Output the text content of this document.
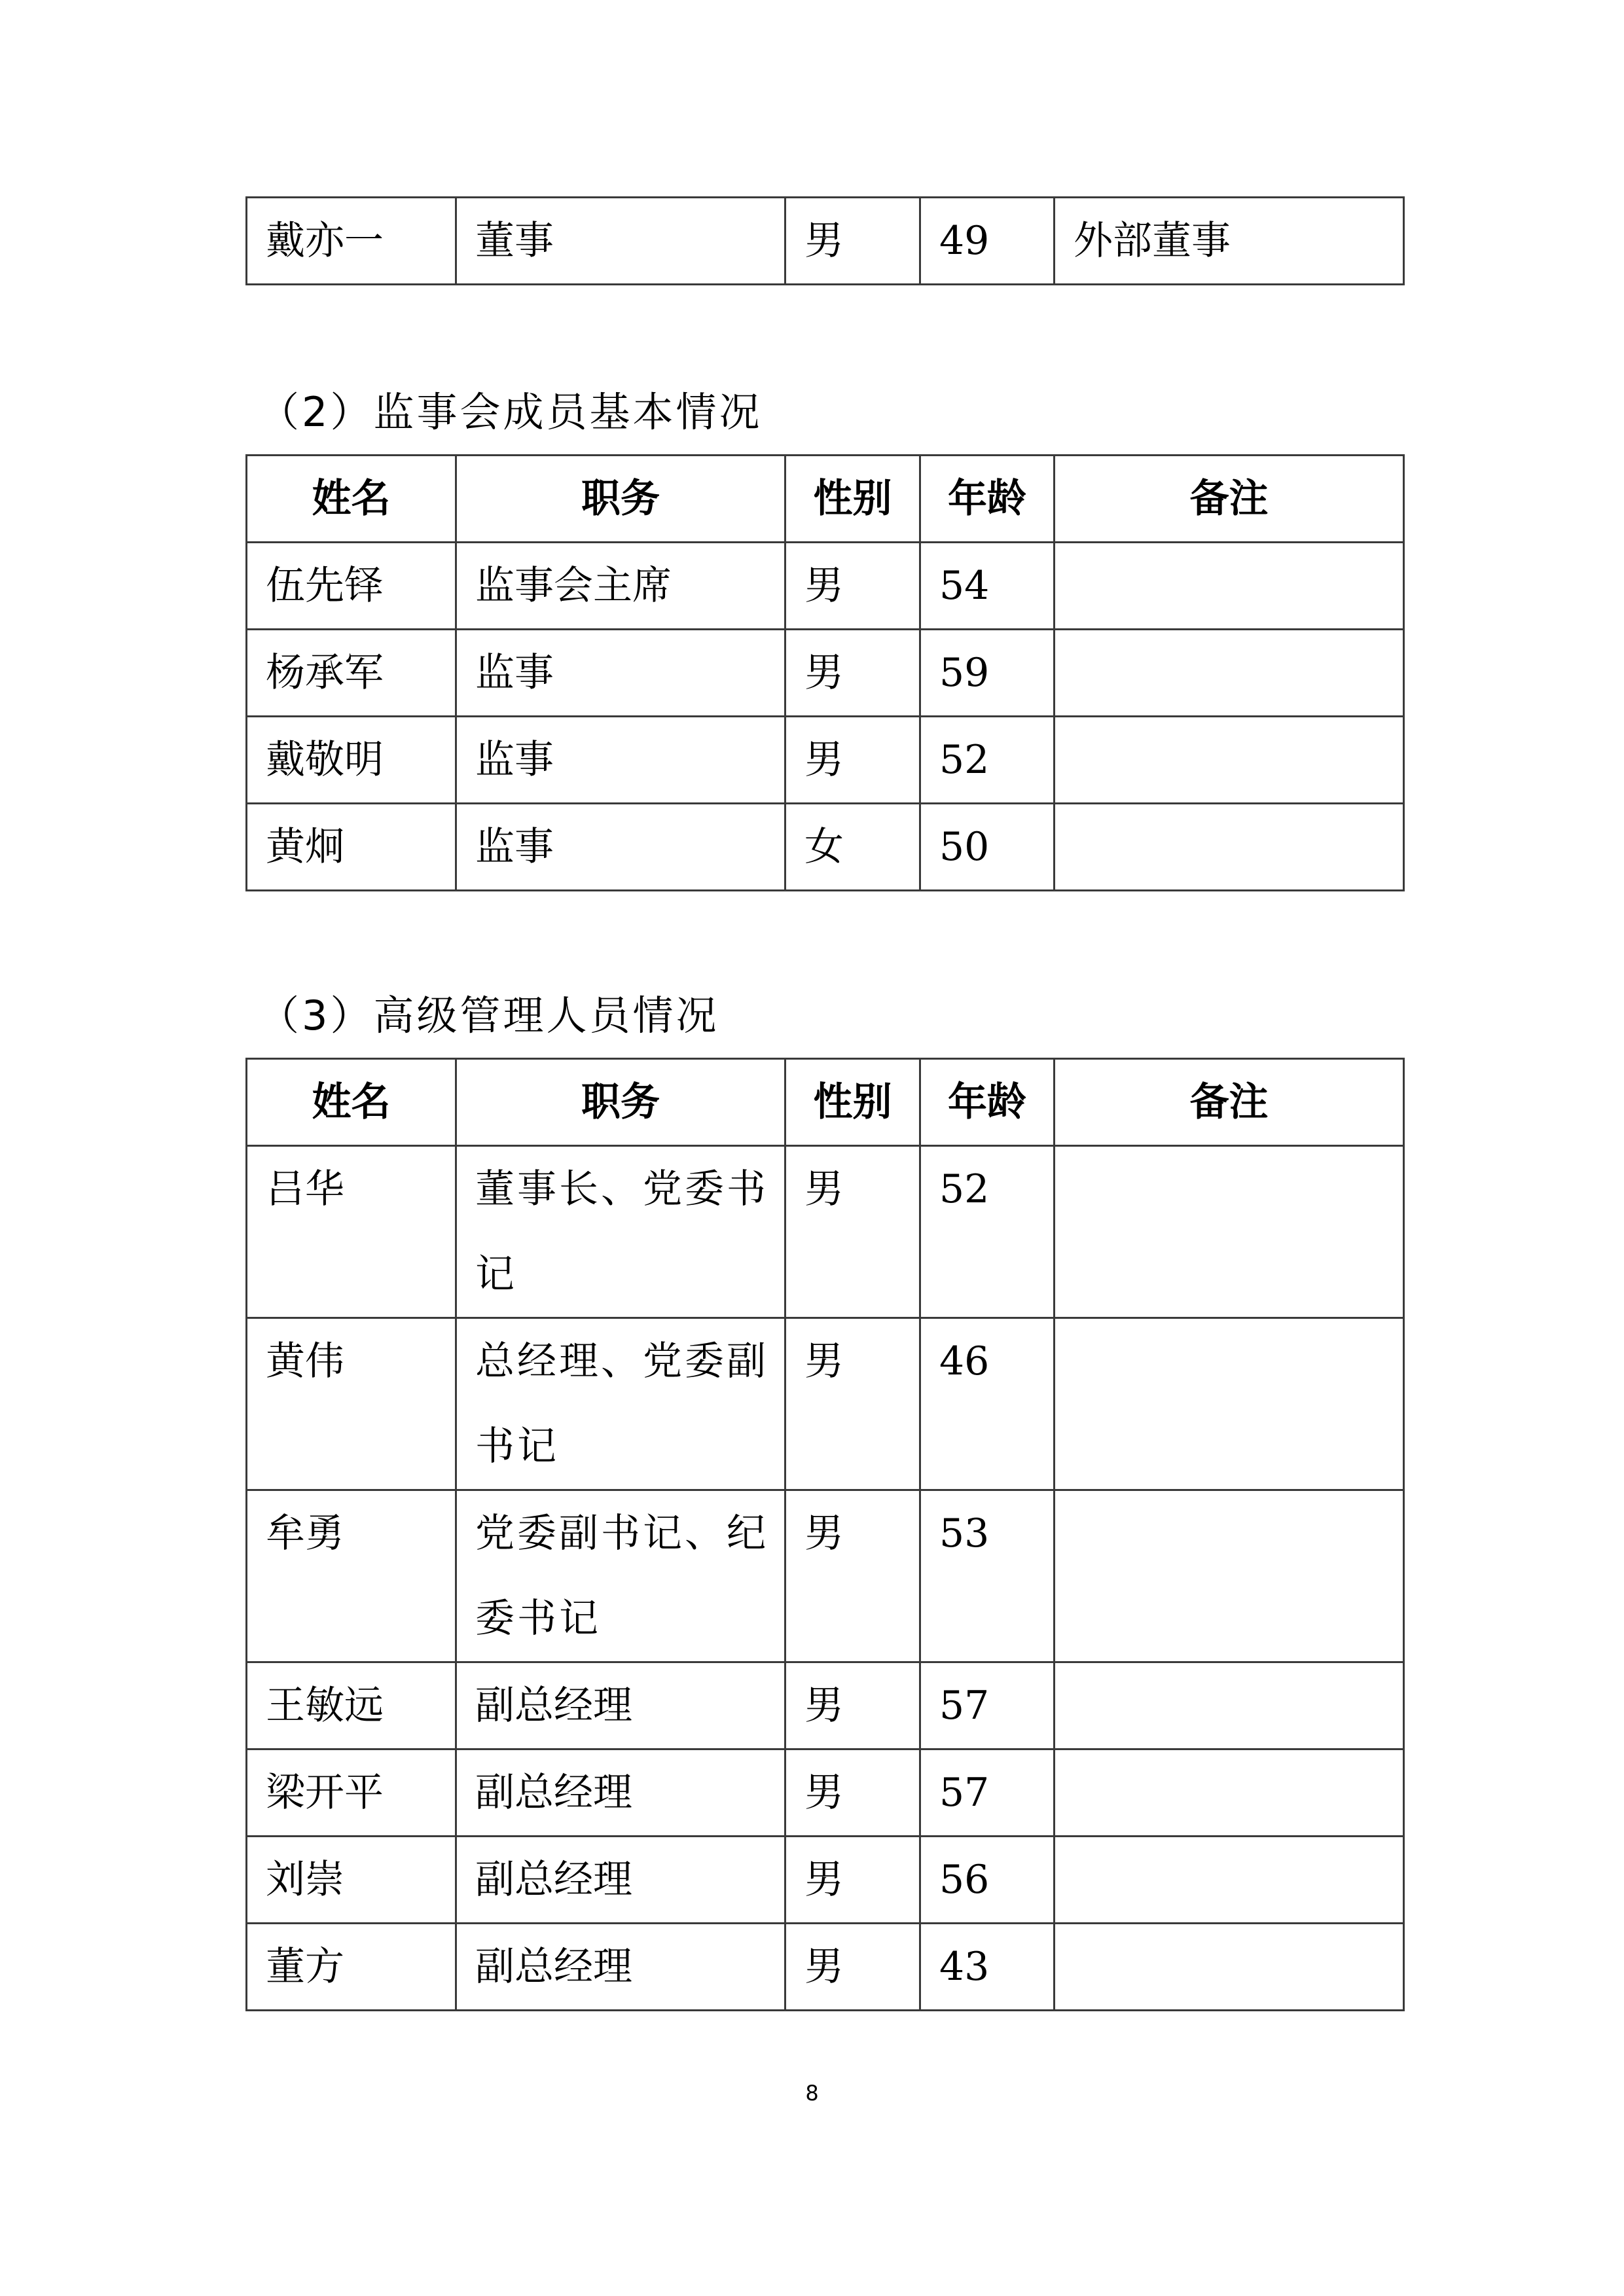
戴亦一	董事	男	49	外部董事
（2）监事会成员基本情况
姓名	职务	性别	年龄	备注
伍先铎	监事会主席	男	54	
杨承军	监事	男	59	
戴敬明	监事	男	52	
黄炯	监事	女	50	
（3）高级管理人员情况
姓名	职务	性别	年龄	备注
吕华	董事长、党委书记	男	52	
黄伟	总经理、党委副书记	男	46	
牟勇	党委副书记、纪委书记	男	53	
王敏远	副总经理	男	57	
梁开平	副总经理	男	57	
刘崇	副总经理	男	56	
董方	副总经理	男	43	
8
